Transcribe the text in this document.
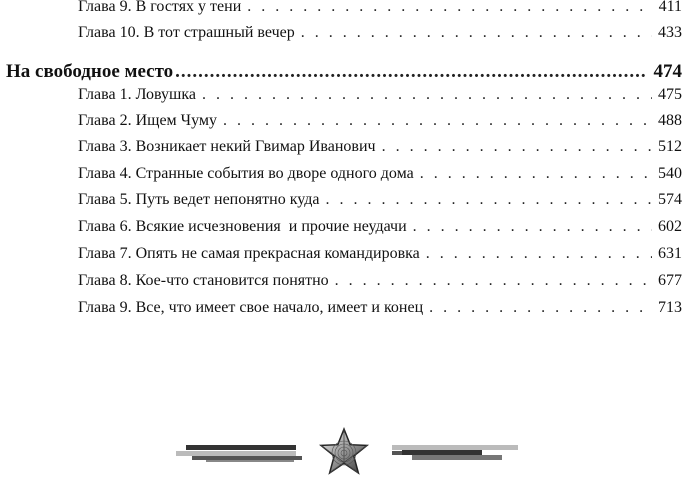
Глава 9. В гостях у тени . . .	411
Глава 10. В тот страшный вечер . . .	433
На свободное место .....	474
Глава 1. Ловушка . . .	475
Глава 2. Ищем Чуму . . .	488
Глава 3. Возникает некий Гвимар Иванович . . .	512
Глава 4. Странные события во дворе одного дома . . .	540
Глава 5. Путь ведет непонятно куда . . .	574
Глава 6. Всякие исчезновения  и прочие неудачи . . .	602
Глава 7. Опять не самая прекрасная командировка . . .	631
Глава 8. Кое-что становится понятно . . .	677
Глава 9. Все, что имеет свое начало, имеет и конец . . .	713
